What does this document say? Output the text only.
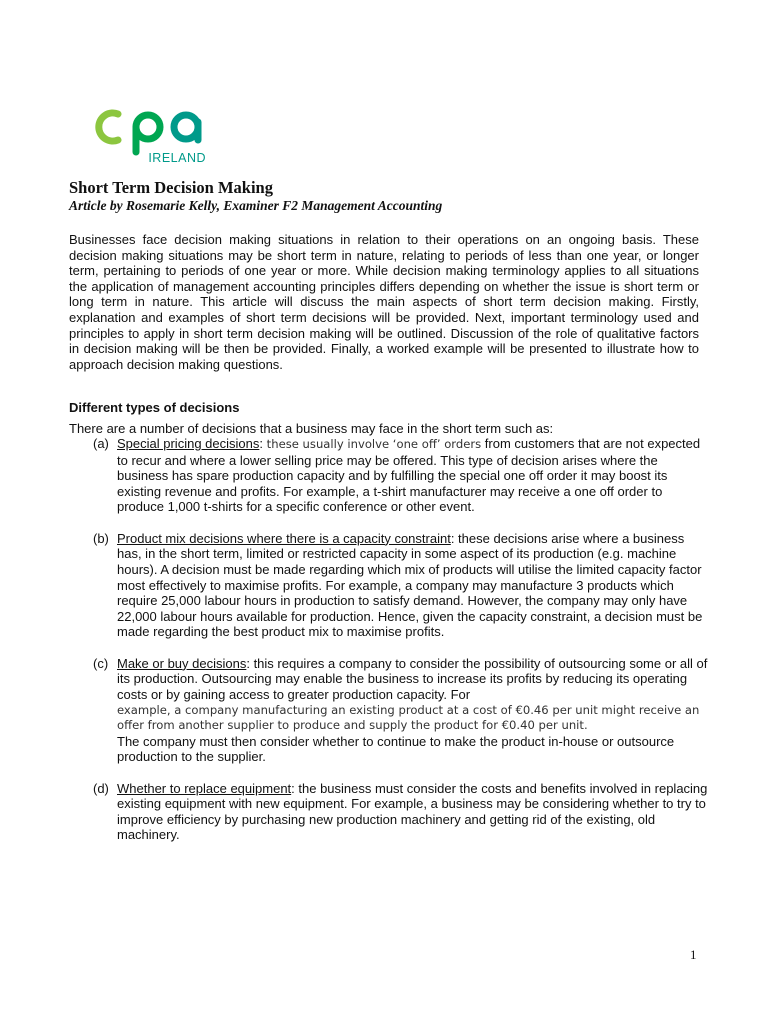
IRELAND
Short Term Decision Making
Article by Rosemarie Kelly, Examiner F2 Management Accounting

Businesses face decision making situations in relation to their operations on an ongoing basis. These decision making situations may be short term in nature, relating to periods of less than one year, or longer term, pertaining to periods of one year or more. While decision making terminology applies to all situations the application of management accounting principles differs depending on whether the issue is short term or long term in nature. This article will discuss the main aspects of short term decision making. Firstly, explanation and examples of short term decisions will be provided. Next, important terminology used and principles to apply in short term decision making will be outlined. Discussion of the role of qualitative factors in decision making will be then be provided. Finally, a worked example will be presented to illustrate how to approach decision making questions.

Different types of decisions
There are a number of decisions that a business may face in the short term such as:

(a) Special pricing decisions: these usually involve ‘one off’ orders from customers that are not expected to recur and where a lower selling price may be offered. This type of decision arises where the business has spare production capacity and by fulfilling the special one off order it may boost its existing revenue and profits. For example, a t-shirt manufacturer may receive a one off order to produce 1,000 t-shirts for a specific conference or other event.

(b) Product mix decisions where there is a capacity constraint: these decisions arise where a business has, in the short term, limited or restricted capacity in some aspect of its production (e.g. machine hours). A decision must be made regarding which mix of products will utilise the limited capacity factor most effectively to maximise profits. For example, a company may manufacture 3 products which require 25,000 labour hours in production to satisfy demand. However, the company may only have 22,000 labour hours available for production. Hence, given the capacity constraint, a decision must be made regarding the best product mix to maximise profits.

(c) Make or buy decisions: this requires a company to consider the possibility of outsourcing some or all of its production. Outsourcing may enable the business to increase its profits by reducing its operating costs or by gaining access to greater production capacity. For
example, a company manufacturing an existing product at a cost of €0.46 per unit might receive an offer from another supplier to produce and supply the product for €0.40 per unit.
The company must then consider whether to continue to make the product in-house or outsource production to the supplier.

(d) Whether to replace equipment: the business must consider the costs and benefits involved in replacing existing equipment with new equipment. For example, a business may be considering whether to try to improve efficiency by purchasing new production machinery and getting rid of the existing, old machinery.

1
